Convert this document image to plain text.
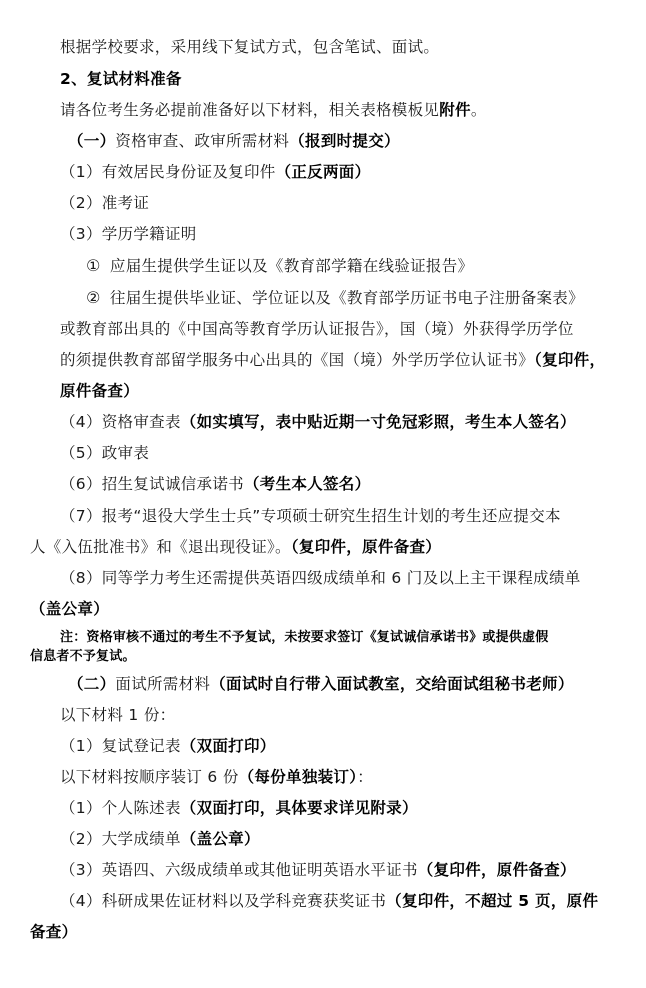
根据学校要求，采用线下复试方式，包含笔试、面试。
2、复试材料准备
请各位考生务必提前准备好以下材料，相关表格模板见附件。
（一）资格审查、政审所需材料（报到时提交）
（1）有效居民身份证及复印件（正反两面）
（2）准考证
（3）学历学籍证明
① 应届生提供学生证以及《教育部学籍在线验证报告》
② 往届生提供毕业证、学位证以及《教育部学历证书电子注册备案表》
或教育部出具的《中国高等教育学历认证报告》，国（境）外获得学历学位
的须提供教育部留学服务中心出具的《国（境）外学历学位认证书》（复印件，
原件备查）
（4）资格审查表（如实填写，表中贴近期一寸免冠彩照，考生本人签名）
（5）政审表
（6）招生复试诚信承诺书（考生本人签名）
（7）报考“退役大学生士兵”专项硕士研究生招生计划的考生还应提交本
人《入伍批准书》和《退出现役证》。（复印件，原件备查）
（8）同等学力考生还需提供英语四级成绩单和 6 门及以上主干课程成绩单
（盖公章）
注：资格审核不通过的考生不予复试，未按要求签订《复试诚信承诺书》或提供虚假
信息者不予复试。
（二）面试所需材料（面试时自行带入面试教室，交给面试组秘书老师）
以下材料 1 份：
（1）复试登记表（双面打印）
以下材料按顺序装订 6 份（每份单独装订）：
（1）个人陈述表（双面打印，具体要求详见附录）
（2）大学成绩单（盖公章）
（3）英语四、六级成绩单或其他证明英语水平证书（复印件，原件备查）
（4）科研成果佐证材料以及学科竞赛获奖证书（复印件，不超过 5 页，原件
备查）
